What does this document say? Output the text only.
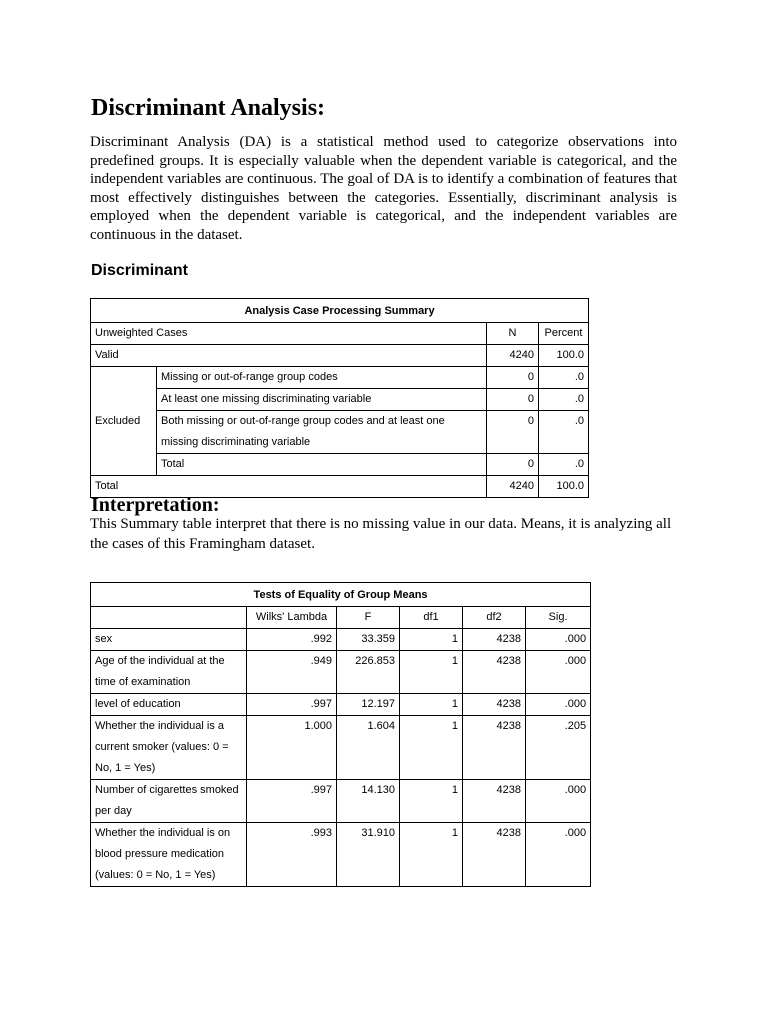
Discriminant Analysis:

Discriminant Analysis (DA) is a statistical method used to categorize observations into predefined groups. It is especially valuable when the dependent variable is categorical, and the independent variables are continuous. The goal of DA is to identify a combination of features that most effectively distinguishes between the categories. Essentially, discriminant analysis is employed when the dependent variable is categorical, and the independent variables are continuous in the dataset.

Discriminant
Analysis Case Processing Summary			
Unweighted Cases		N	Percent
Valid		4240	100.0
Excluded	Missing or out-of-range group codes	0	.0
	At least one missing discriminating variable	0	.0
	Both missing or out-of-range group codes and at least one missing discriminating variable	0	.0
	Total	0	.0
Total		4240	100.0
Interpretation:

This Summary table interpret that there is no missing value in our data. Means, it is analyzing all the cases of this Framingham dataset.

Tests of Equality of Group Means					
	Wilks' Lambda	F	df1	df2	Sig.
sex	.992	33.359	1	4238	.000
Age of the individual at the time of examination	.949	226.853	1	4238	.000
level of education	.997	12.197	1	4238	.000
Whether the individual is a current smoker (values: 0 = No, 1 = Yes)	1.000	1.604	1	4238	.205
Number of cigarettes smoked per day	.997	14.130	1	4238	.000
Whether the individual is on blood pressure medication (values: 0 = No, 1 = Yes)	.993	31.910	1	4238	.000
